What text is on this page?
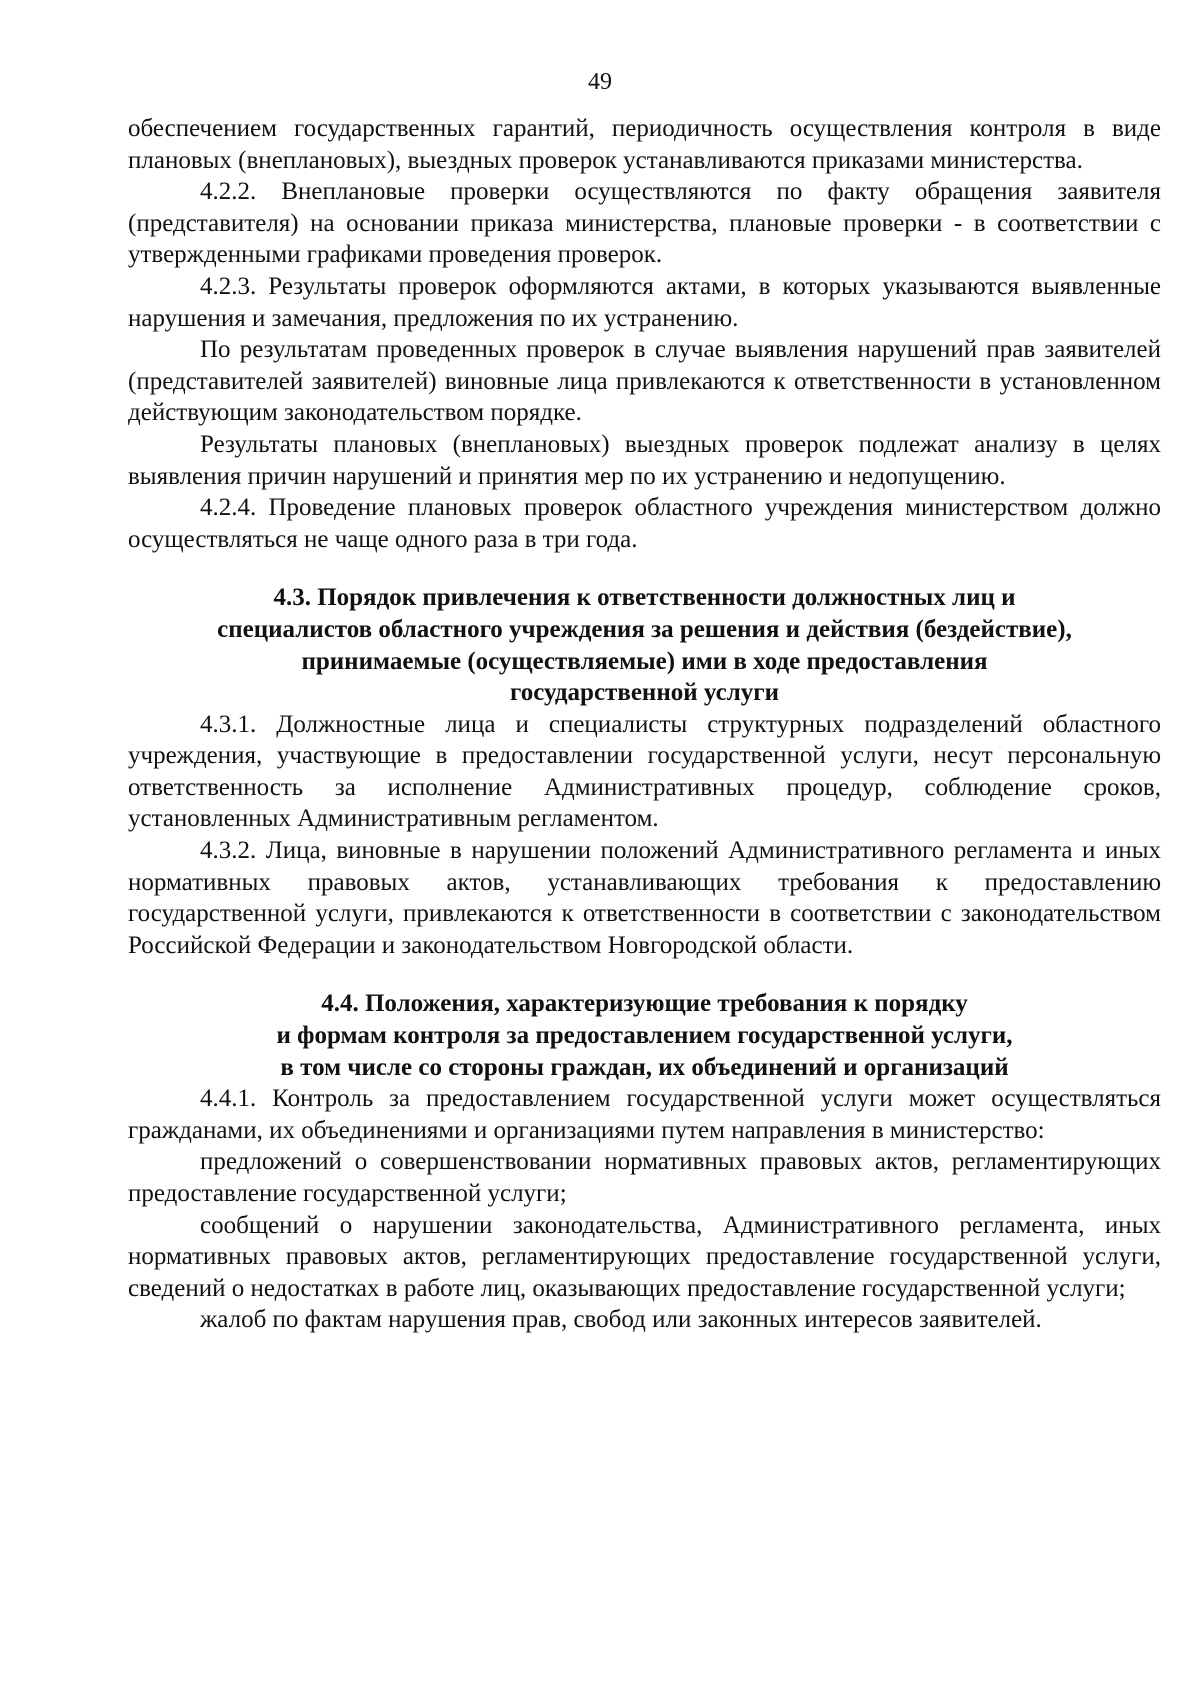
49

обеспечением государственных гарантий, периодичность осуществления контроля в виде плановых (внеплановых), выездных проверок устанавливаются приказами министерства.

4.2.2. Внеплановые проверки осуществляются по факту обращения заявителя (представителя) на основании приказа министерства, плановые проверки - в соответствии с утвержденными графиками проведения проверок.

4.2.3. Результаты проверок оформляются актами, в которых указываются выявленные нарушения и замечания, предложения по их устранению.

По результатам проведенных проверок в случае выявления нарушений прав заявителей (представителей заявителей) виновные лица привлекаются к ответственности в установленном действующим законодательством порядке.

Результаты плановых (внеплановых) выездных проверок подлежат анализу в целях выявления причин нарушений и принятия мер по их устранению и недопущению.

4.2.4. Проведение плановых проверок областного учреждения министерством должно осуществляться не чаще одного раза в три года.

4.3. Порядок привлечения к ответственности должностных лиц и
специалистов областного учреждения за решения и действия (бездействие),
принимаемые (осуществляемые) ими в ходе предоставления
государственной услуги

4.3.1. Должностные лица и специалисты структурных подразделений областного учреждения, участвующие в предоставлении государственной услуги, несут персональную ответственность за исполнение Административных процедур, соблюдение сроков, установленных Административным регламентом.

4.3.2. Лица, виновные в нарушении положений Административного регламента и иных нормативных правовых актов, устанавливающих требования к предоставлению государственной услуги, привлекаются к ответственности в соответствии с законодательством Российской Федерации и законодательством Новгородской области.

4.4. Положения, характеризующие требования к порядку
и формам контроля за предоставлением государственной услуги,
в том числе со стороны граждан, их объединений и организаций

4.4.1. Контроль за предоставлением государственной услуги может осуществляться гражданами, их объединениями и организациями путем направления в министерство:

предложений о совершенствовании нормативных правовых актов, регламентирующих предоставление государственной услуги;

сообщений о нарушении законодательства, Административного регламента, иных нормативных правовых актов, регламентирующих предоставление государственной услуги, сведений о недостатках в работе лиц, оказывающих предоставление государственной услуги;

жалоб по фактам нарушения прав, свобод или законных интересов заявителей.
